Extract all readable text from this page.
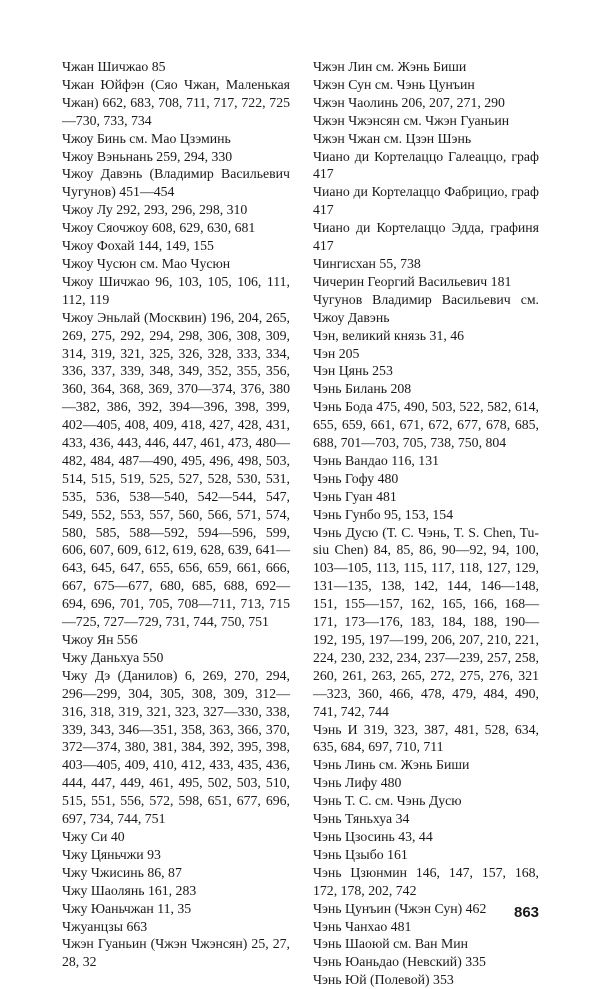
Чжан Шичжао 85
Чжан Юйфэн (Сяо Чжан, Маленькая Чжан) 662, 683, 708, 711, 717, 722, 725—730, 733, 734
Чжоу Бинь см. Мао Цзэминь
Чжоу Вэньнань 259, 294, 330
Чжоу Давэнь (Владимир Васильевич Чугунов) 451—454
Чжоу Лу 292, 293, 296, 298, 310
Чжоу Сяочжоу 608, 629, 630, 681
Чжоу Фохай 144, 149, 155
Чжоу Чусюн см. Мао Чусюн
Чжоу Шичжао 96, 103, 105, 106, 111, 112, 119
Чжоу Эньлай (Москвин) 196, 204, 265, 269, 275, 292, 294, 298, 306, 308, 309, 314, 319, 321, 325, 326, 328, 333, 334, 336, 337, 339, 348, 349, 352, 355, 356, 360, 364, 368, 369, 370—374, 376, 380—382, 386, 392, 394—396, 398, 399, 402—405, 408, 409, 418, 427, 428, 431, 433, 436, 443, 446, 447, 461, 473, 480—482, 484, 487—490, 495, 496, 498, 503, 514, 515, 519, 525, 527, 528, 530, 531, 535, 536, 538—540, 542—544, 547, 549, 552, 553, 557, 560, 566, 571, 574, 580, 585, 588—592, 594—596, 599, 606, 607, 609, 612, 619, 628, 639, 641—643, 645, 647, 655, 656, 659, 661, 666, 667, 675—677, 680, 685, 688, 692—694, 696, 701, 705, 708—711, 713, 715—725, 727—729, 731, 744, 750, 751
Чжоу Ян 556
Чжу Даньхуа 550
Чжу Дэ (Данилов) 6, 269, 270, 294, 296—299, 304, 305, 308, 309, 312—316, 318, 319, 321, 323, 327—330, 338, 339, 343, 346—351, 358, 363, 366, 370, 372—374, 380, 381, 384, 392, 395, 398, 403—405, 409, 410, 412, 433, 435, 436, 444, 447, 449, 461, 495, 502, 503, 510, 515, 551, 556, 572, 598, 651, 677, 696, 697, 734, 744, 751
Чжу Си 40
Чжу Цяньчжи 93
Чжу Чжисинь 86, 87
Чжу Шаолянь 161, 283
Чжу Юаньчжан 11, 35
Чжуанцзы 663
Чжэн Гуаньин (Чжэн Чжэнсян) 25, 27, 28, 32
Чжэн Лин см. Жэнь Биши
Чжэн Сун см. Чэнь Цунъин
Чжэн Чаолинь 206, 207, 271, 290
Чжэн Чжэнсян см. Чжэн Гуаньин
Чжэн Чжан см. Цзэн Шэнь
Чиано ди Кортелаццо Галеаццо, граф 417
Чиано ди Кортелаццо Фабрицио, граф 417
Чиано ди Кортелаццо Эдда, графиня 417
Чингисхан 55, 738
Чичерин Георгий Васильевич 181
Чугунов Владимир Васильевич см. Чжоу Давэнь
Чэн, великий князь 31, 46
Чэн 205
Чэн Цянь 253
Чэнь Билань 208
Чэнь Бода 475, 490, 503, 522, 582, 614, 655, 659, 661, 671, 672, 677, 678, 685, 688, 701—703, 705, 738, 750, 804
Чэнь Вандао 116, 131
Чэнь Гофу 480
Чэнь Гуан 481
Чэнь Гунбо 95, 153, 154
Чэнь Дусю (Т. С. Чэнь, Т. S. Chen, Tu-siu Chen) 84, 85, 86, 90—92, 94, 100, 103—105, 113, 115, 117, 118, 127, 129, 131—135, 138, 142, 144, 146—148, 151, 155—157, 162, 165, 166, 168—171, 173—176, 183, 184, 188, 190—192, 195, 197—199, 206, 207, 210, 221, 224, 230, 232, 234, 237—239, 257, 258, 260, 261, 263, 265, 272, 275, 276, 321—323, 360, 466, 478, 479, 484, 490, 741, 742, 744
Чэнь И 319, 323, 387, 481, 528, 634, 635, 684, 697, 710, 711
Чэнь Линь см. Жэнь Биши
Чэнь Лифу 480
Чэнь Т. С. см. Чэнь Дусю
Чэнь Тяньхуа 34
Чэнь Цзосинь 43, 44
Чэнь Цзыбо 161
Чэнь Цзюнмин 146, 147, 157, 168, 172, 178, 202, 742
Чэнь Цунъин (Чжэн Сун) 462
Чэнь Чанхао 481
Чэнь Шаоюй см. Ван Мин
Чэнь Юаньдао (Невский) 335
Чэнь Юй (Полевой) 353
863
